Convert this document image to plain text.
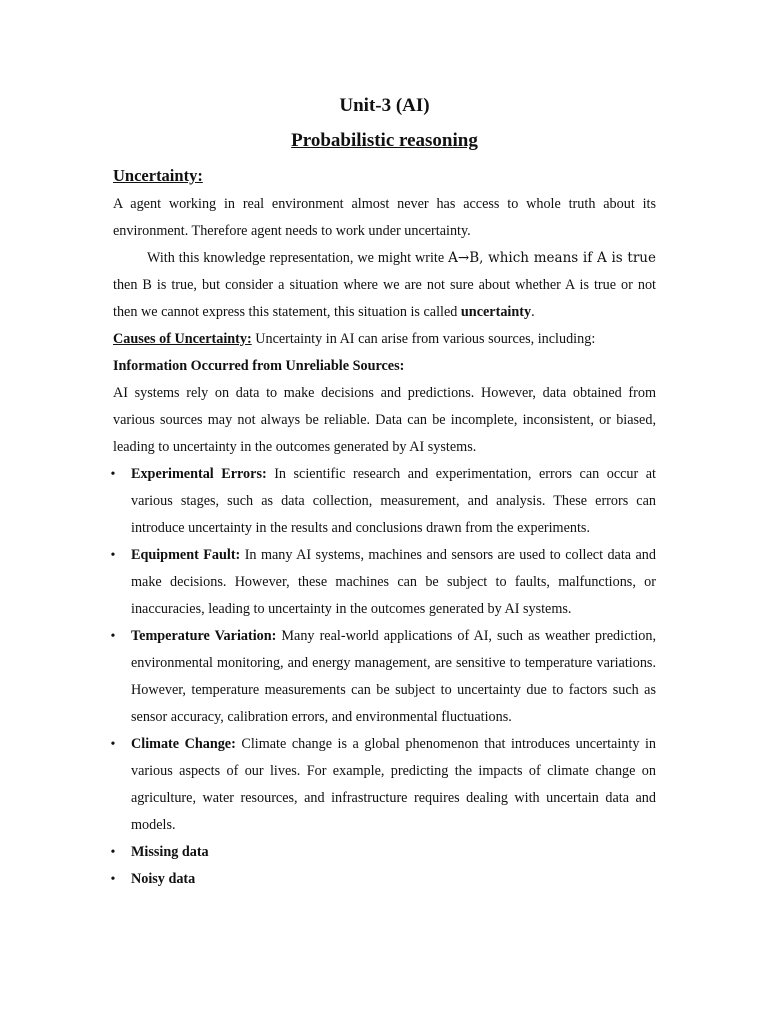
Unit-3 (AI)
Probabilistic reasoning
Uncertainty:
A agent working in real environment almost never has access to whole truth about its environment. Therefore agent needs to work under uncertainty.
With this knowledge representation, we might write A→B, which means if A is true then B is true, but consider a situation where we are not sure about whether A is true or not then we cannot express this statement, this situation is called uncertainty.
Causes of Uncertainty: Uncertainty in AI can arise from various sources, including:
Information Occurred from Unreliable Sources:
AI systems rely on data to make decisions and predictions. However, data obtained from various sources may not always be reliable. Data can be incomplete, inconsistent, or biased, leading to uncertainty in the outcomes generated by AI systems.
• Experimental Errors: In scientific research and experimentation, errors can occur at various stages, such as data collection, measurement, and analysis. These errors can introduce uncertainty in the results and conclusions drawn from the experiments.
• Equipment Fault: In many AI systems, machines and sensors are used to collect data and make decisions. However, these machines can be subject to faults, malfunctions, or inaccuracies, leading to uncertainty in the outcomes generated by AI systems.
• Temperature Variation: Many real-world applications of AI, such as weather prediction, environmental monitoring, and energy management, are sensitive to temperature variations. However, temperature measurements can be subject to uncertainty due to factors such as sensor accuracy, calibration errors, and environmental fluctuations.
• Climate Change: Climate change is a global phenomenon that introduces uncertainty in various aspects of our lives. For example, predicting the impacts of climate change on agriculture, water resources, and infrastructure requires dealing with uncertain data and models.
• Missing data
• Noisy data
